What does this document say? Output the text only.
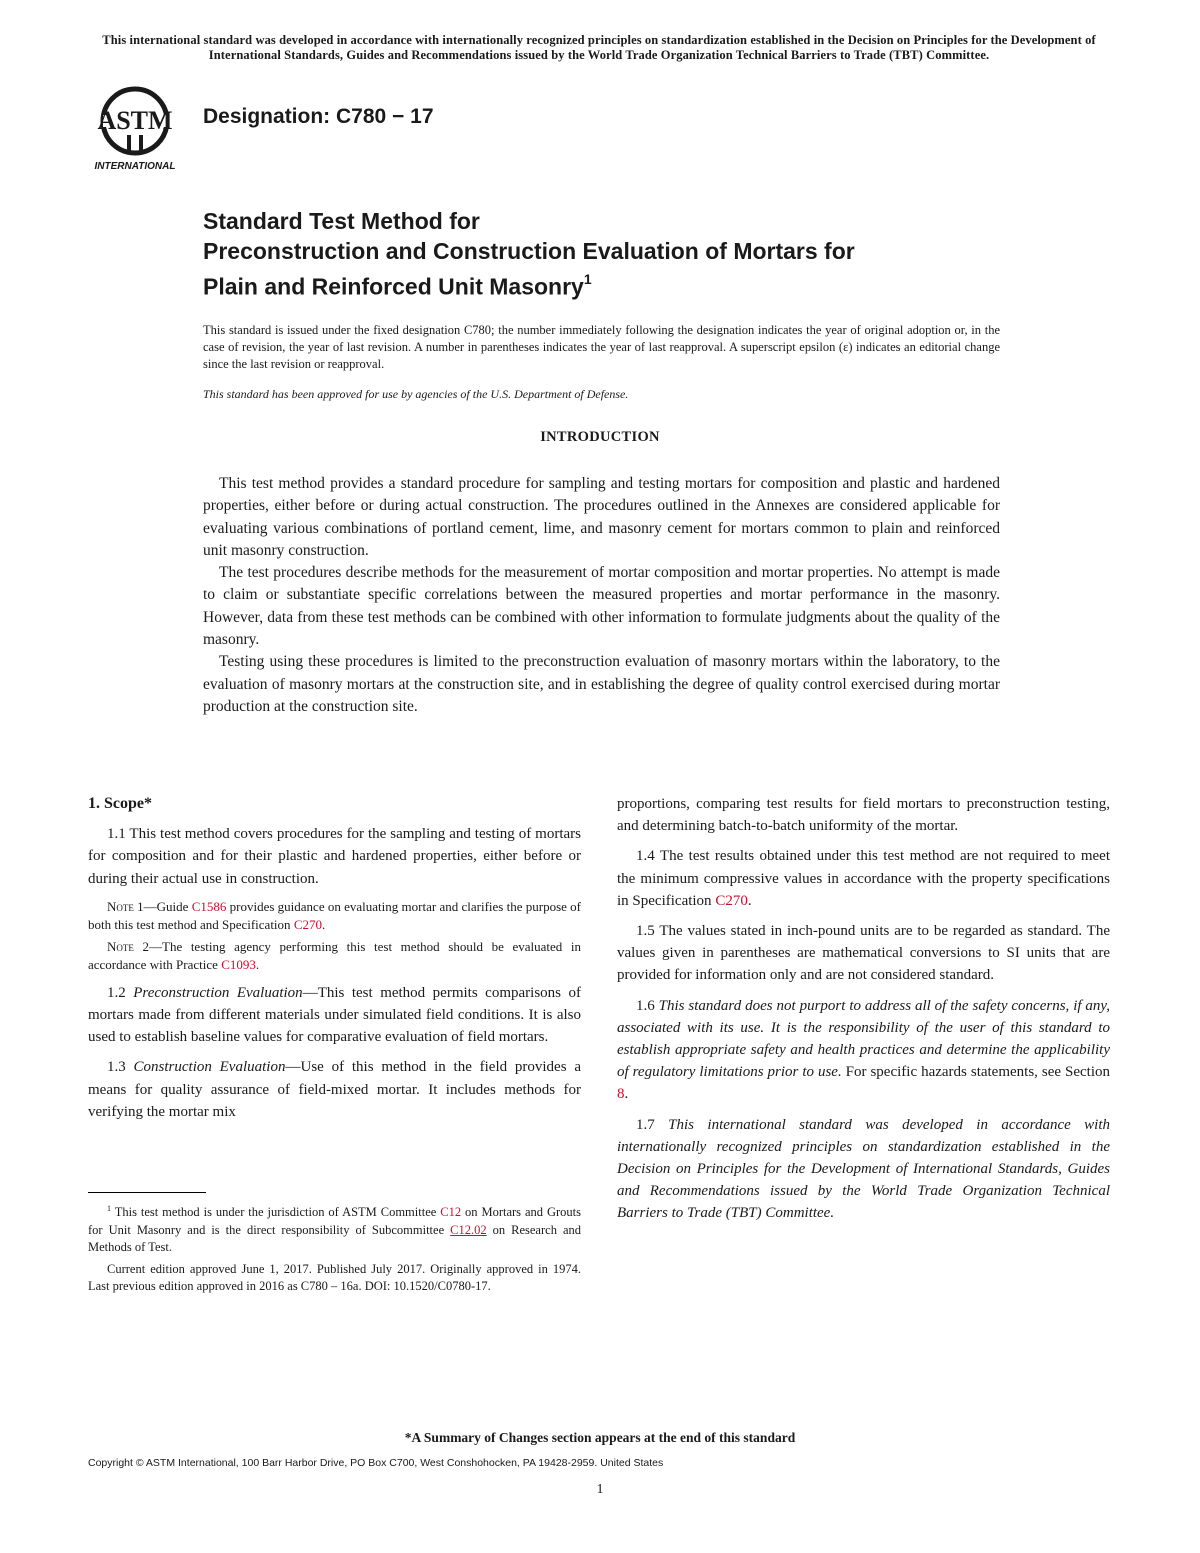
This international standard was developed in accordance with internationally recognized principles on standardization established in the Decision on Principles for the Development of International Standards, Guides and Recommendations issued by the World Trade Organization Technical Barriers to Trade (TBT) Committee.
ASTM
INTERNATIONAL
Designation: C780 − 17
Standard Test Method for
Preconstruction and Construction Evaluation of Mortars for
Plain and Reinforced Unit Masonry$^1$
This standard is issued under the fixed designation C780; the number immediately following the designation indicates the year of original adoption or, in the case of revision, the year of last revision. A number in parentheses indicates the year of last reapproval. A superscript epsilon (ε) indicates an editorial change since the last revision or reapproval.
This standard has been approved for use by agencies of the U.S. Department of Defense.
INTRODUCTION

This test method provides a standard procedure for sampling and testing mortars for composition and plastic and hardened properties, either before or during actual construction. The procedures outlined in the Annexes are considered applicable for evaluating various combinations of portland cement, lime, and masonry cement for mortars common to plain and reinforced unit masonry construction.

The test procedures describe methods for the measurement of mortar composition and mortar properties. No attempt is made to claim or substantiate specific correlations between the measured properties and mortar performance in the masonry. However, data from these test methods can be combined with other information to formulate judgments about the quality of the masonry.

Testing using these procedures is limited to the preconstruction evaluation of masonry mortars within the laboratory, to the evaluation of masonry mortars at the construction site, and in establishing the degree of quality control exercised during mortar production at the construction site.

1. Scope*

1.1 This test method covers procedures for the sampling and testing of mortars for composition and for their plastic and hardened properties, either before or during their actual use in construction.

Note 1—Guide C1586 provides guidance on evaluating mortar and clarifies the purpose of both this test method and Specification C270.
Note 2—The testing agency performing this test method should be evaluated in accordance with Practice C1093.

1.2 Preconstruction Evaluation—This test method permits comparisons of mortars made from different materials under simulated field conditions. It is also used to establish baseline values for comparative evaluation of field mortars.

1.3 Construction Evaluation—Use of this method in the field provides a means for quality assurance of field-mixed mortar. It includes methods for verifying the mortar mix

$^1$ This test method is under the jurisdiction of ASTM Committee C12 on Mortars and Grouts for Unit Masonry and is the direct responsibility of Subcommittee C12.02 on Research and Methods of Test.

Current edition approved June 1, 2017. Published July 2017. Originally approved in 1974. Last previous edition approved in 2016 as C780 – 16a. DOI: 10.1520/C0780-17.

proportions, comparing test results for field mortars to preconstruction testing, and determining batch-to-batch uniformity of the mortar.

1.4 The test results obtained under this test method are not required to meet the minimum compressive values in accordance with the property specifications in Specification C270.

1.5 The values stated in inch-pound units are to be regarded as standard. The values given in parentheses are mathematical conversions to SI units that are provided for information only and are not considered standard.

1.6 This standard does not purport to address all of the safety concerns, if any, associated with its use. It is the responsibility of the user of this standard to establish appropriate safety and health practices and determine the applicability of regulatory limitations prior to use. For specific hazards statements, see Section 8.

1.7 This international standard was developed in accordance with internationally recognized principles on standardization established in the Decision on Principles for the Development of International Standards, Guides and Recommendations issued by the World Trade Organization Technical Barriers to Trade (TBT) Committee.

*A Summary of Changes section appears at the end of this standard
Copyright © ASTM International, 100 Barr Harbor Drive, PO Box C700, West Conshohocken, PA 19428-2959. United States
1
